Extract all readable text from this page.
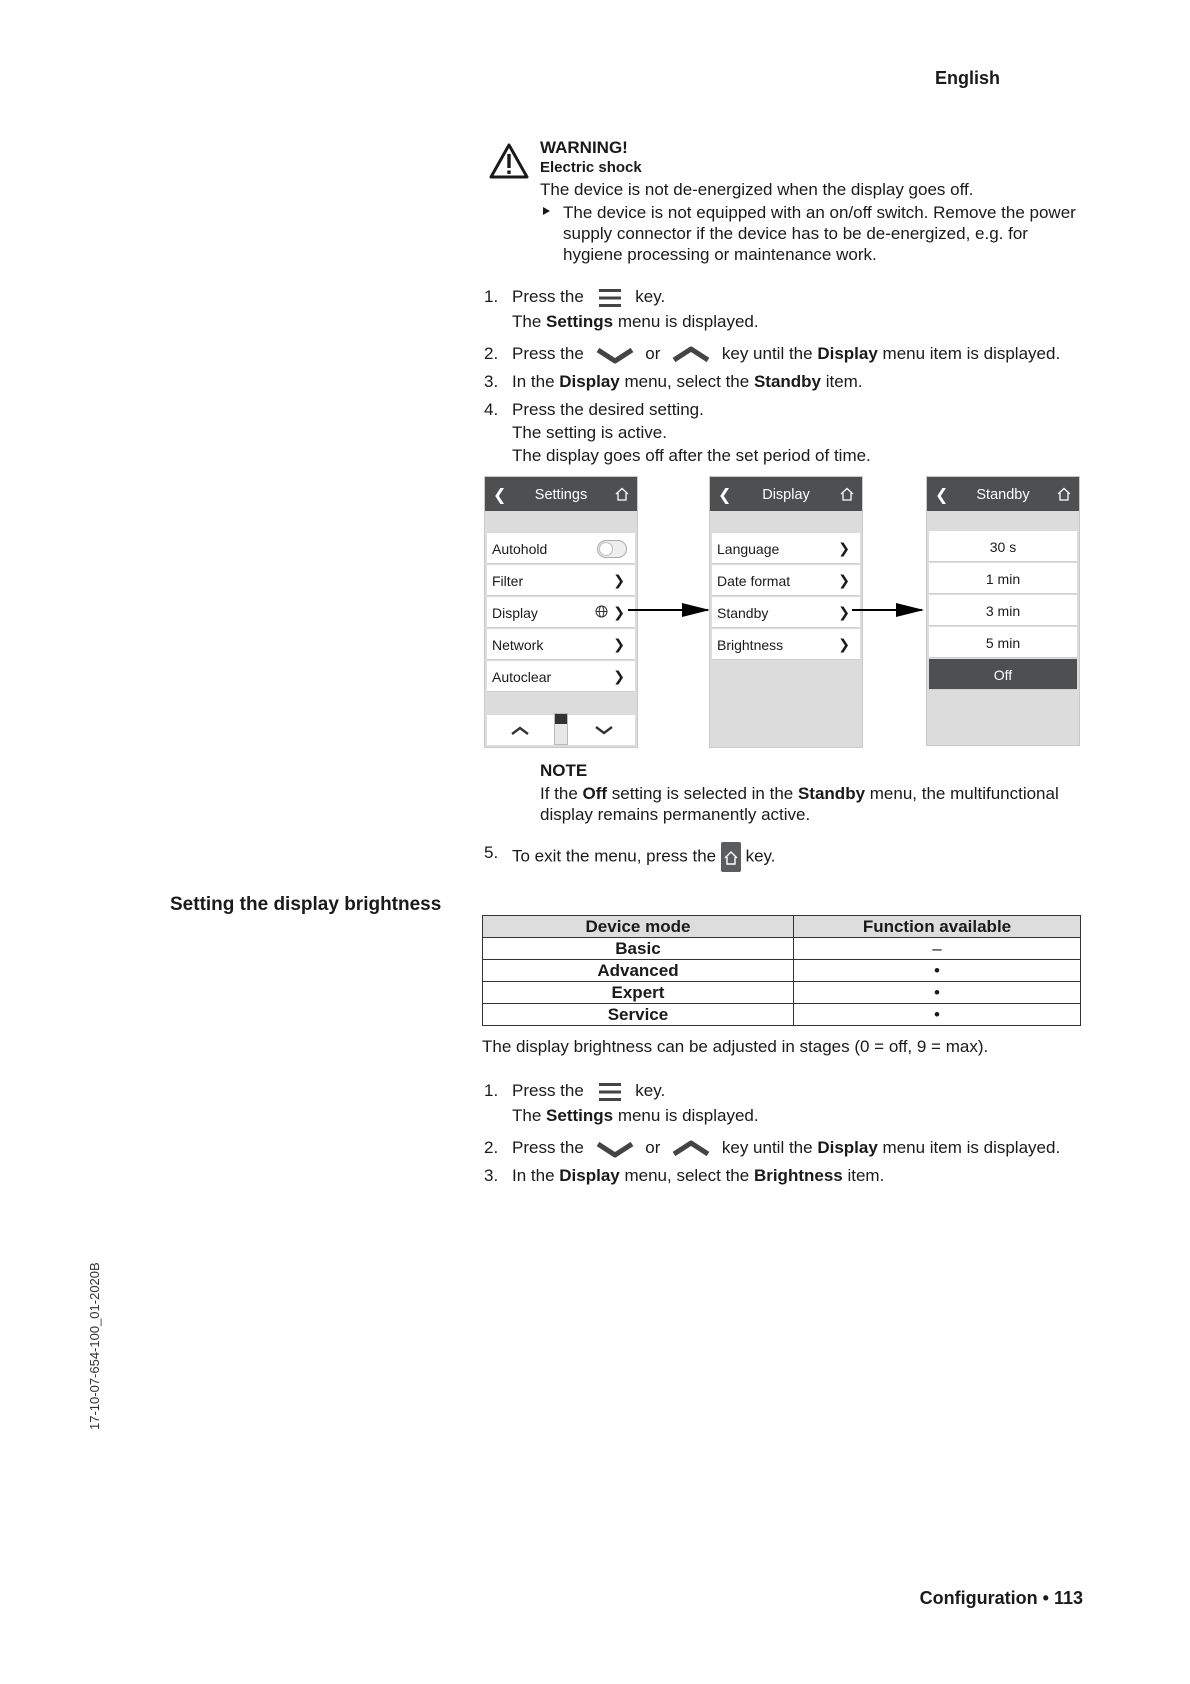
English
WARNING!
Electric shock
The device is not de-energized when the display goes off.
The device is not equipped with an on/off switch. Remove the power supply connector if the device has to be de-energized, e.g. for hygiene processing or maintenance work.
1. Press the	key.
The Settings menu is displayed.
2. Press the	or	key until the Display menu item is displayed.
3. In the Display menu, select the Standby item.
4. Press the desired setting.
The setting is active.
The display goes off after the set period of time.
❮	Settings
Autohold
Filter	❯
Display	❯
Network	❯
Autoclear	❯
❮	Display
Language	❯
Date format	❯
Standby	❯
Brightness	❯
❮	Standby
30 s
1 min
3 min
5 min
Off
NOTE
If the Off setting is selected in the Standby menu, the multifunctional display remains permanently active.
5. To exit the menu, press the key.
Setting the display brightness
Device mode	Function available
Basic	–
Advanced	•
Expert	•
Service	•
The display brightness can be adjusted in stages (0 = off, 9 = max).
1. Press the	key.
The Settings menu is displayed.
2. Press the	or	key until the Display menu item is displayed.
3. In the Display menu, select the Brightness item.
17-10-07-654-100_01-2020B
Configuration • 113
